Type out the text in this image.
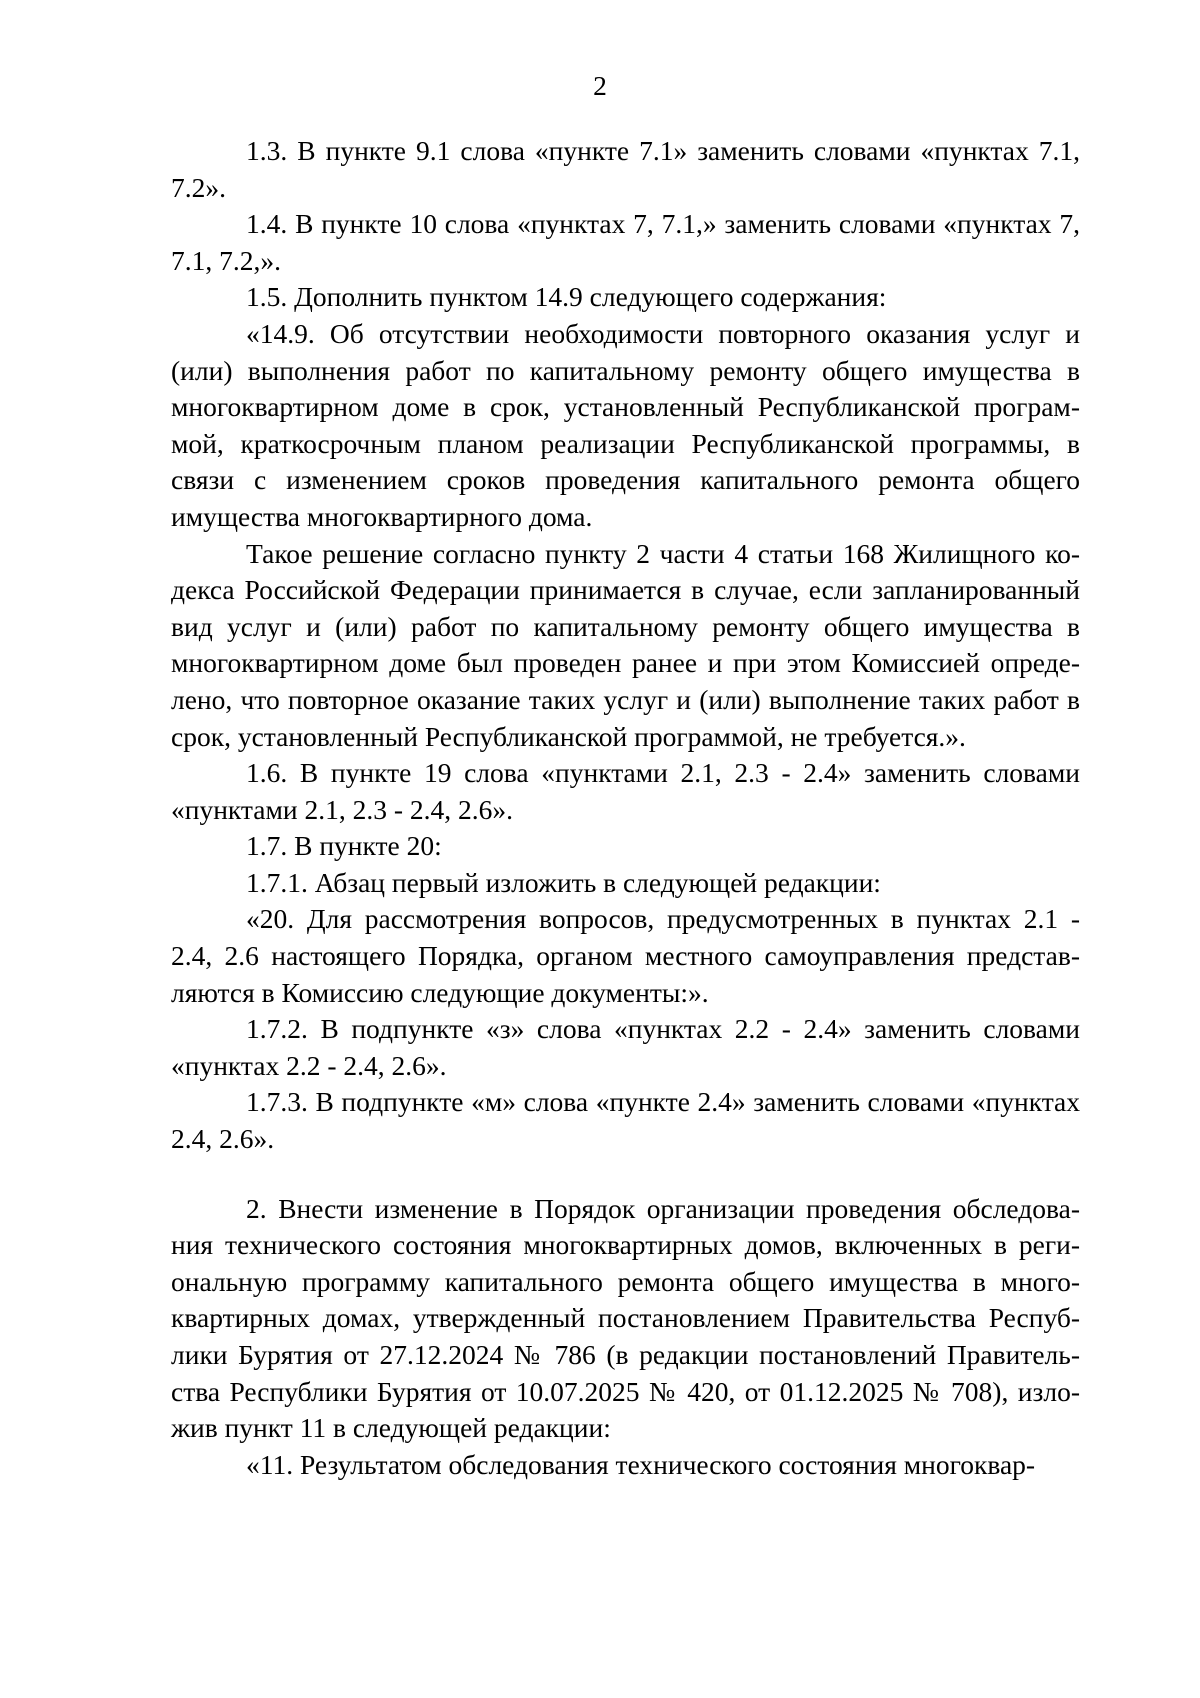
2

1.3. В пункте 9.1 слова «пункте 7.1» заменить словами «пунктах 7.1, 7.2».

1.4. В пункте 10 слова «пунктах 7, 7.1,» заменить словами «пунктах 7, 7.1, 7.2,».

1.5. Дополнить пунктом 14.9 следующего содержания:

«14.9. Об отсутствии необходимости повторного оказания услуг и (или) выполнения работ по капитальному ремонту общего имущества в многоквартирном доме в срок, установленный Республиканской программой, краткосрочным планом реализации Республиканской программы, в связи с изменением сроков проведения капитального ремонта общего имущества многоквартирного дома.

Такое решение согласно пункту 2 части 4 статьи 168 Жилищного кодекса Российской Федерации принимается в случае, если запланированный вид услуг и (или) работ по капитальному ремонту общего имущества в многоквартирном доме был проведен ранее и при этом Комиссией определено, что повторное оказание таких услуг и (или) выполнение таких работ в срок, установленный Республиканской программой, не требуется.».

1.6. В пункте 19 слова «пунктами 2.1, 2.3 - 2.4» заменить словами «пунктами 2.1, 2.3 - 2.4, 2.6».

1.7. В пункте 20:

1.7.1. Абзац первый изложить в следующей редакции:

«20. Для рассмотрения вопросов, предусмотренных в пунктах 2.1 - 2.4, 2.6 настоящего Порядка, органом местного самоуправления представляются в Комиссию следующие документы:».

1.7.2. В подпункте «з» слова «пунктах 2.2 - 2.4» заменить словами «пунктах 2.2 - 2.4, 2.6».

1.7.3. В подпункте «м» слова «пункте 2.4» заменить словами «пунктах 2.4, 2.6».

2. Внести изменение в Порядок организации проведения обследования технического состояния многоквартирных домов, включенных в региональную программу капитального ремонта общего имущества в многоквартирных домах, утвержденный постановлением Правительства Республики Бурятия от 27.12.2024 № 786 (в редакции постановлений Правительства Республики Бурятия от 10.07.2025 № 420, от 01.12.2025 № 708), изложив пункт 11 в следующей редакции:

«11. Результатом обследования технического состояния многоквар-
